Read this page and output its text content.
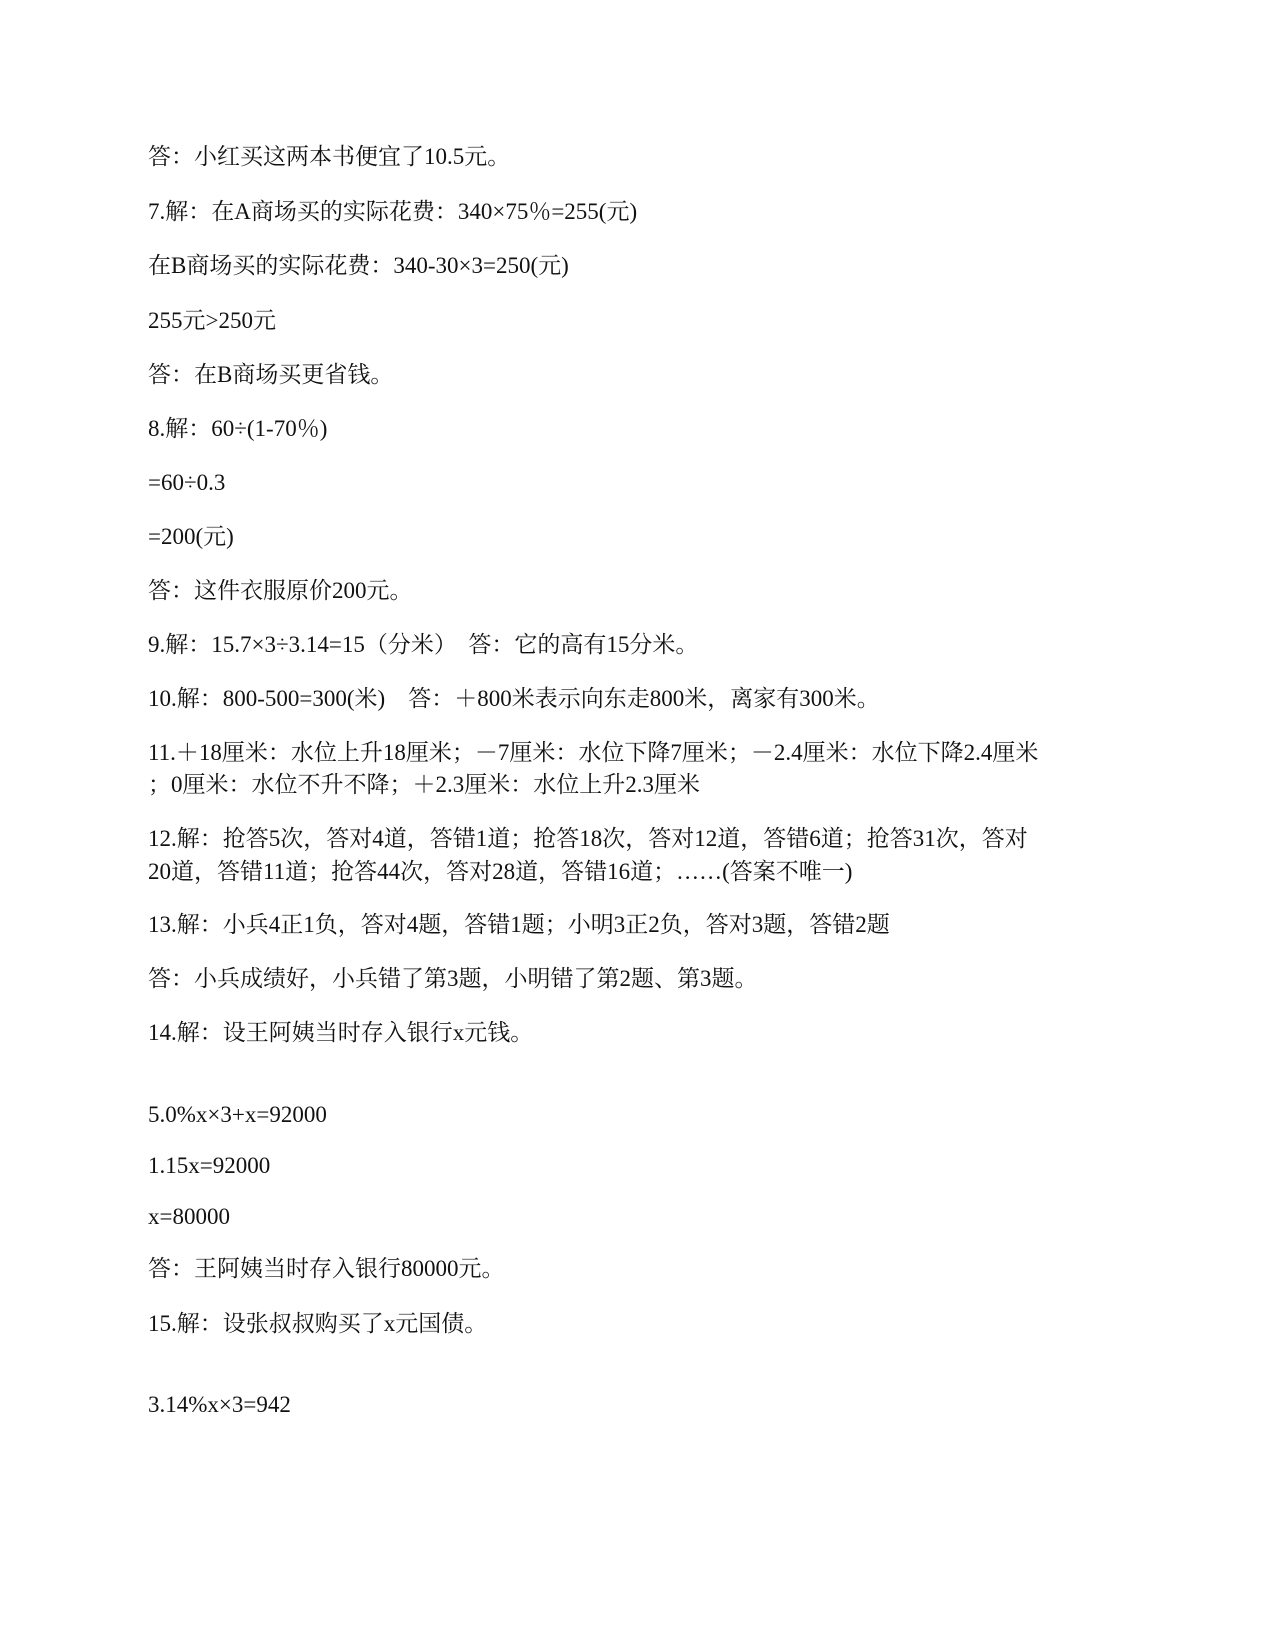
答：小红买这两本书便宜了10.5元。
7.解：在A商场买的实际花费：340×75％=255(元)
在B商场买的实际花费：340-30×3=250(元)
255元>250元
答：在B商场买更省钱。
8.解：60÷(1-70％)
=60÷0.3
=200(元)
答：这件衣服原价200元。
9.解：15.7×3÷3.14=15（分米）　答：它的高有15分米。
10.解：800-500=300(米)　答：＋800米表示向东走800米，离家有300米。
11.＋18厘米：水位上升18厘米；－7厘米：水位下降7厘米；－2.4厘米：水位下降2.4厘米
；0厘米：水位不升不降；＋2.3厘米：水位上升2.3厘米
12.解：抢答5次，答对4道，答错1道；抢答18次，答对12道，答错6道；抢答31次，答对
20道，答错11道；抢答44次，答对28道，答错16道；……(答案不唯一)
13.解：小兵4正1负，答对4题，答错1题；小明3正2负，答对3题，答错2题
答：小兵成绩好，小兵错了第3题，小明错了第2题、第3题。
14.解：设王阿姨当时存入银行x元钱。
5.0%x×3+x=92000
1.15x=92000
x=80000
答：王阿姨当时存入银行80000元。
15.解：设张叔叔购买了x元国债。
3.14%x×3=942
